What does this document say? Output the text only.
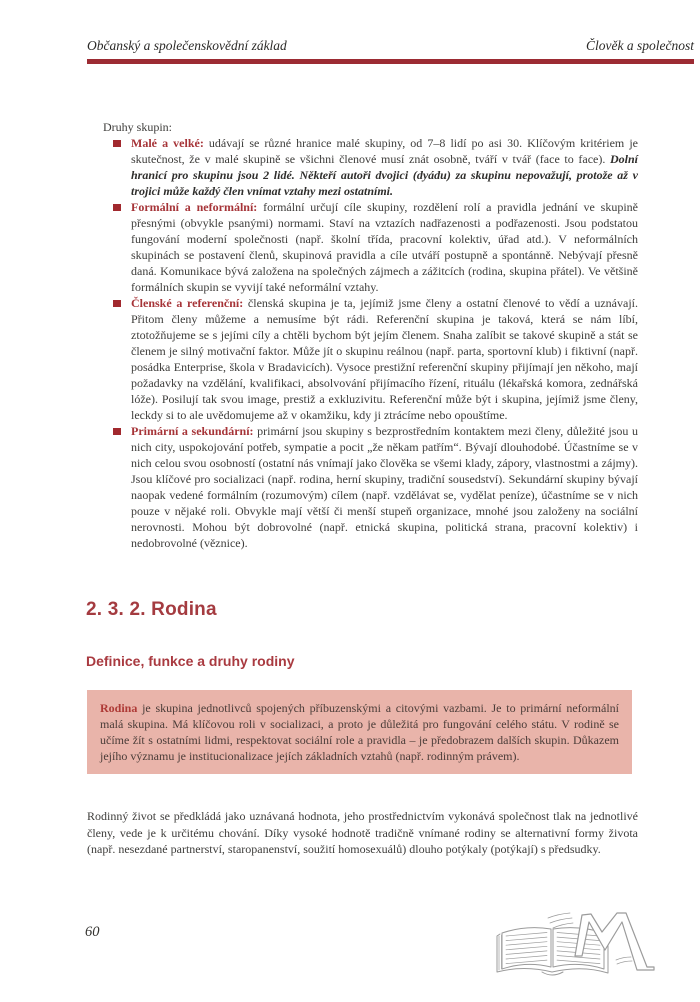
Občanský a společenskovědní základ	Člověk a společnost
Druhy skupin:
Malé a velké: udávají se různé hranice malé skupiny, od 7–8 lidí po asi 30. Klíčovým kritériem je skutečnost, že v malé skupině se všichni členové musí znát osobně, tváří v tvář (face to face). Dolní hranicí pro skupinu jsou 2 lidé. Někteří autoři dvojici (dyádu) za skupinu nepovažují, protože až v trojici může každý člen vnímat vztahy mezi ostatními.
Formální a neformální: formální určují cíle skupiny, rozdělení rolí a pravidla jednání ve skupině přesnými (obvykle psanými) normami. Staví na vztazích nadřazenosti a podřazenosti. Jsou podstatou fungování moderní společnosti (např. školní třída, pracovní kolektiv, úřad atd.). V neformálních skupinách se postavení členů, skupinová pravidla a cíle utváří postupně a spontánně. Nebývají přesně daná. Komunikace bývá založena na společných zájmech a zážitcích (rodina, skupina přátel). Ve většině formálních skupin se vyvijí také neformální vztahy.
Členské a referenční: členská skupina je ta, jejímiž jsme členy a ostatní členové to vědí a uznávají. Přitom členy můžeme a nemusíme být rádi. Referenční skupina je taková, která se nám líbí, ztotožňujeme se s jejími cíly a chtěli bychom být jejím členem. Snaha zalíbit se takové skupině a stát se členem je silný motivační faktor. Může jít o skupinu reálnou (např. parta, sportovní klub) i fiktivní (např. posádka Enterprise, škola v Bradavicích). Vysoce prestižní referenční skupiny přijímají jen někoho, mají požadavky na vzdělání, kvalifikaci, absolvování přijímacího řízení, rituálu (lékařská komora, zednářská lóže). Posilují tak svou image, prestiž a exkluzivitu. Referenční může být i skupina, jejímiž jsme členy, leckdy si to ale uvědomujeme až v okamžiku, kdy ji ztrácíme nebo opouštíme.
Primární a sekundární: primární jsou skupiny s bezprostředním kontaktem mezi členy, důležité jsou u nich city, uspokojování potřeb, sympatie a pocit „že někam patřím“. Bývají dlouhodobé. Účastníme se v nich celou svou osobností (ostatní nás vnímají jako člověka se všemi klady, zápory, vlastnostmi a zájmy). Jsou klíčové pro socializaci (např. rodina, herní skupiny, tradiční sousedství). Sekundární skupiny bývají naopak vedené formálním (rozumovým) cílem (např. vzdělávat se, vydělat peníze), účastníme se v nich pouze v nějaké roli. Obvykle mají větší či menší stupeň organizace, mnohé jsou založeny na sociální nerovnosti. Mohou být dobrovolné (např. etnická skupina, politická strana, pracovní kolektiv) i nedobrovolné (věznice).
2. 3. 2. Rodina
Definice, funkce a druhy rodiny
Rodina je skupina jednotlivců spojených příbuzenskými a citovými vazbami. Je to primární neformální malá skupina. Má klíčovou roli v socializaci, a proto je důležitá pro fungování celého státu. V rodině se učíme žít s ostatními lidmi, respektovat sociální role a pravidla – je předobrazem dalších skupin. Důkazem jejího významu je institucionalizace jejích základních vztahů (např. rodinným právem).
Rodinný život se předkládá jako uznávaná hodnota, jeho prostřednictvím vykonává společnost tlak na jednotlivé členy, vede je k určitému chování. Díky vysoké hodnotě tradičně vnímané rodiny se alternativní formy života (např. nesezdané partnerství, staropanenství, soužití homosexuálů) dlouho potýkaly (potýkají) s předsudky.
60
